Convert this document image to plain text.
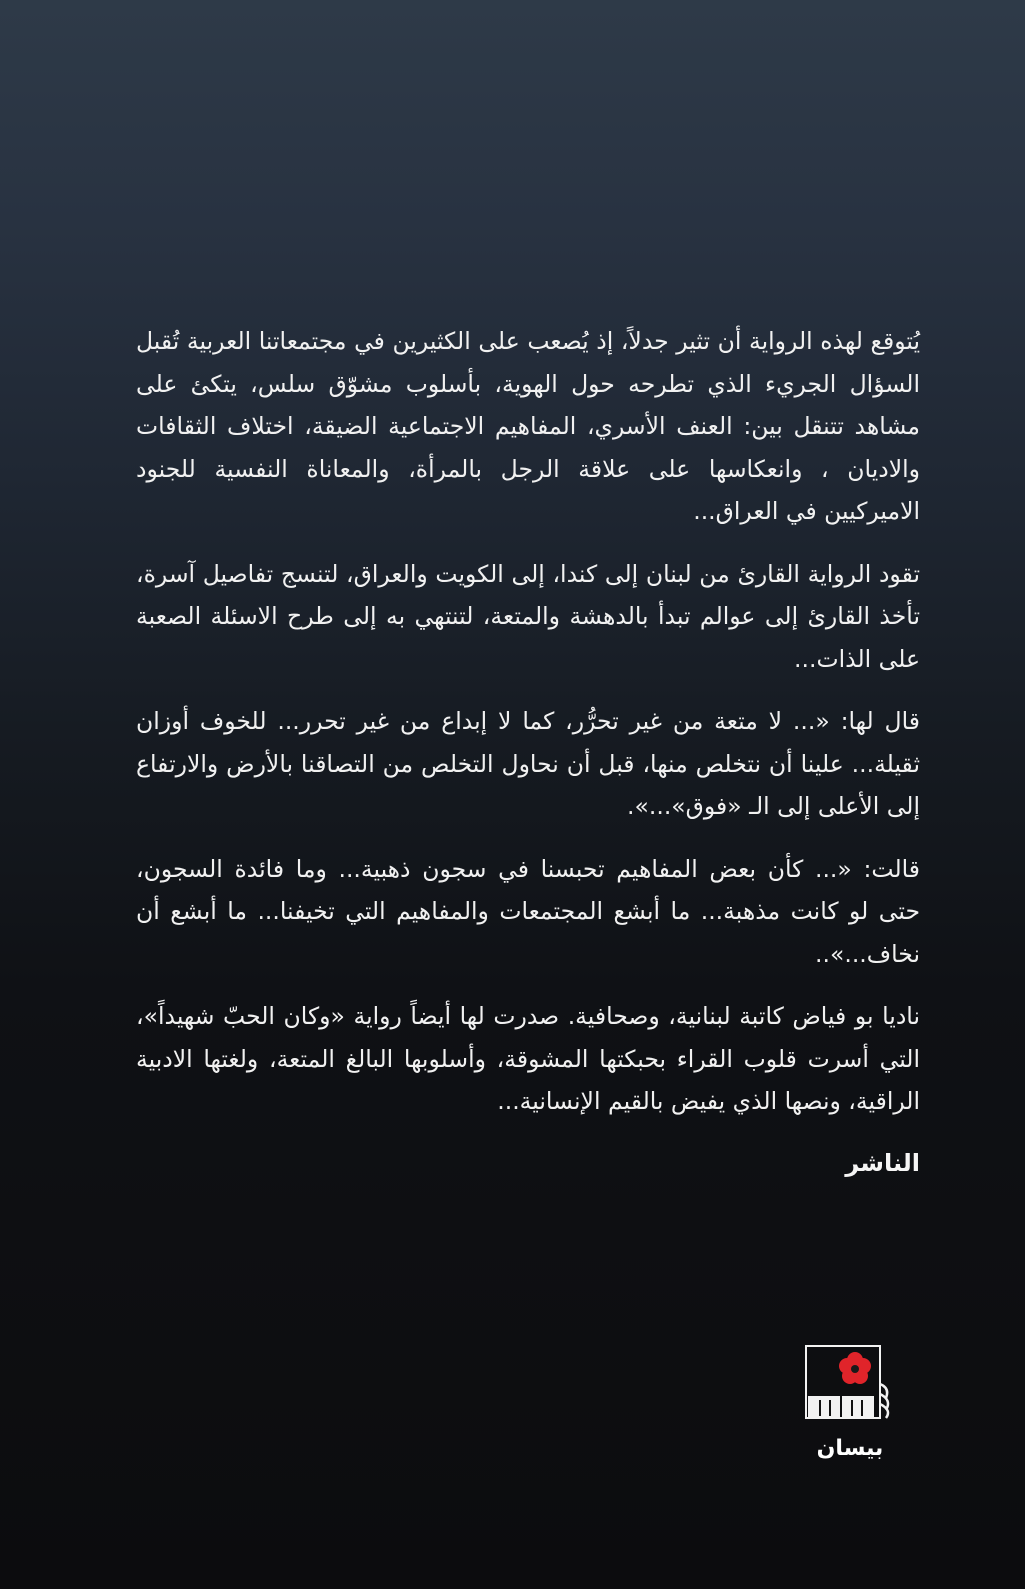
يُتوقع لهذه الرواية أن تثير جدلاً، إذ يُصعب على الكثيرين في مجتمعاتنا العربية تُقبل السؤال الجريء الذي تطرحه حول الهوية، بأسلوب مشوّق سلس، يتكئ على مشاهد تتنقل بين: العنف الأسري، المفاهيم الاجتماعية الضيقة، اختلاف الثقافات والاديان ، وانعكاسها على علاقة الرجل بالمرأة، والمعاناة النفسية للجنود الاميركيين في العراق...

تقود الرواية القارئ من لبنان إلى كندا، إلى الكويت والعراق، لتنسج تفاصيل آسرة، تأخذ القارئ إلى عوالم تبدأ بالدهشة والمتعة، لتنتهي به إلى طرح الاسئلة الصعبة على الذات...

قال لها: «... لا متعة من غير تحرُّر، كما لا إبداع من غير تحرر... للخوف أوزان ثقيلة... علينا أن نتخلص منها، قبل أن نحاول التخلص من التصاقنا بالأرض والارتفاع إلى الأعلى إلى الـ «فوق»...».

قالت: «... كأن بعض المفاهيم تحبسنا في سجون ذهبية... وما فائدة السجون، حتى لو كانت مذهبة... ما أبشع المجتمعات والمفاهيم التي تخيفنا... ما أبشع أن نخاف...»..

ناديا بو فياض كاتبة لبنانية، وصحافية. صدرت لها أيضاً رواية «وكان الحبّ شهيداً»، التي أسرت قلوب القراء بحبكتها المشوقة، وأسلوبها البالغ المتعة، ولغتها الادبية الراقية، ونصها الذي يفيض بالقيم الإنسانية...

الناشر

بيسان
